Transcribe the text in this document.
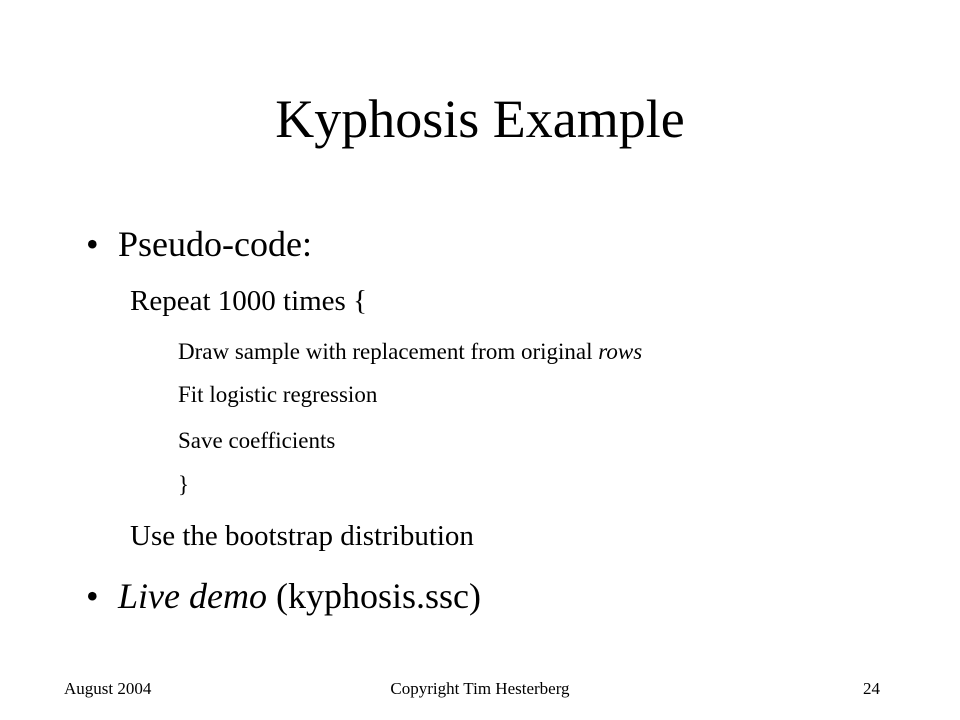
Kyphosis Example
• Pseudo-code:
Repeat 1000 times {
Draw sample with replacement from original rows
Fit logistic regression
Save coefficients
}
Use the bootstrap distribution
• Live demo (kyphosis.ssc)
August 2004	Copyright Tim Hesterberg	24
